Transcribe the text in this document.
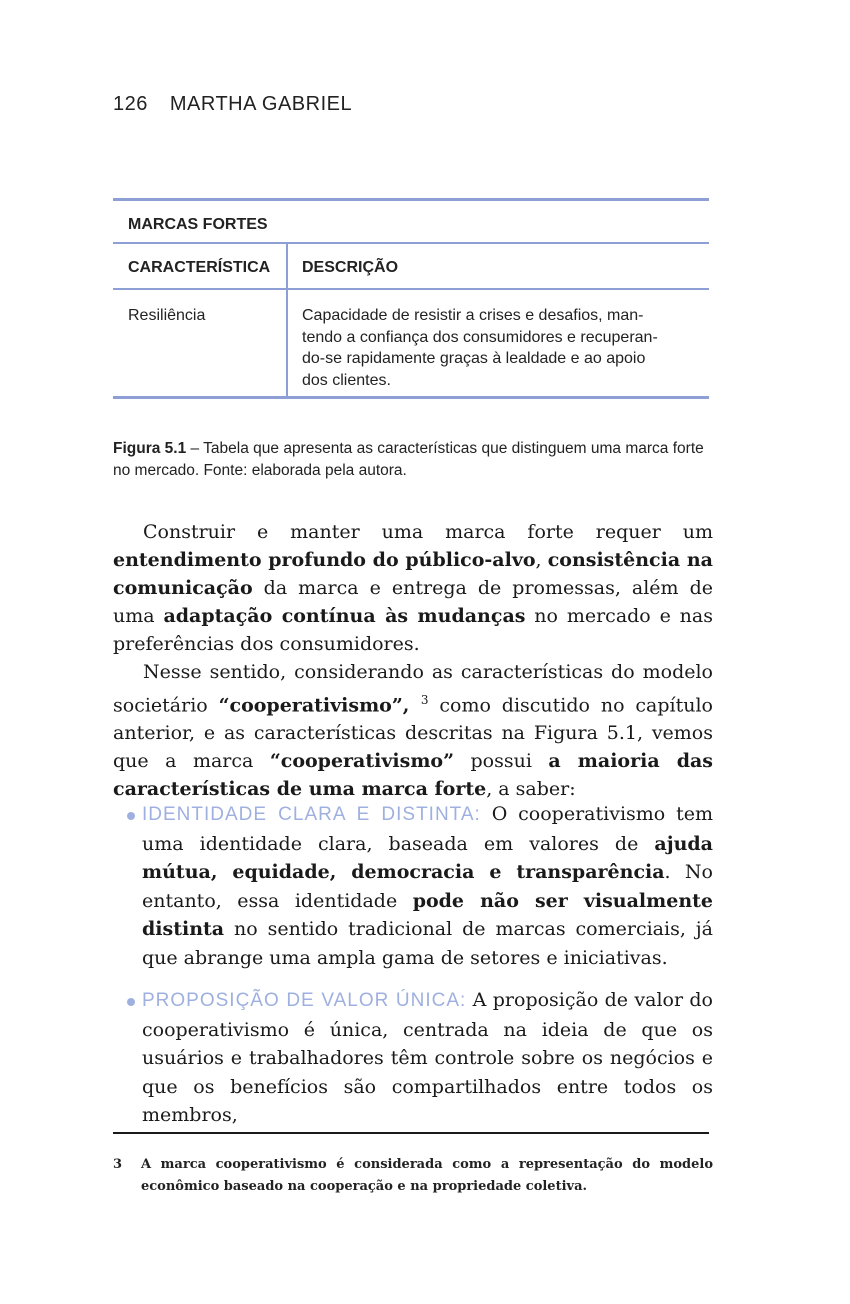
126 MARTHA GABRIEL
MARCAS FORTES
CARACTERÍSTICA	DESCRIÇÃO
Resiliência	Capacidade de resistir a crises e desafios, man-
tendo a confiança dos consumidores e recuperan-
do-se rapidamente graças à lealdade e ao apoio
dos clientes.
Figura 5.1 – Tabela que apresenta as características que distinguem uma marca forte no mercado. Fonte: elaborada pela autora.

Construir e manter uma marca forte requer um entendimento profundo do público-alvo, consistência na comunicação da marca e entrega de promessas, além de uma adaptação contínua às mudanças no mercado e nas preferências dos consumidores.

Nesse sentido, considerando as características do modelo societário “cooperativismo”, $^3$ como discutido no capítulo anterior, e as características descritas na Figura 5.1, vemos que a marca “cooperativismo” possui a maioria das características de uma marca forte, a saber:

IDENTIDADE CLARA E DISTINTA: O cooperativismo tem uma identidade clara, baseada em valores de ajuda mútua, equidade, democracia e transparência. No entanto, essa identidade pode não ser visualmente distinta no sentido tradicional de marcas comerciais, já que abrange uma ampla gama de setores e iniciativas.
PROPOSIÇÃO DE VALOR ÚNICA: A proposição de valor do cooperativismo é única, centrada na ideia de que os usuários e trabalhadores têm controle sobre os negócios e que os benefícios são compartilhados entre todos os membros,
3 A marca cooperativismo é considerada como a representação do modelo econômico baseado na cooperação e na propriedade coletiva.
